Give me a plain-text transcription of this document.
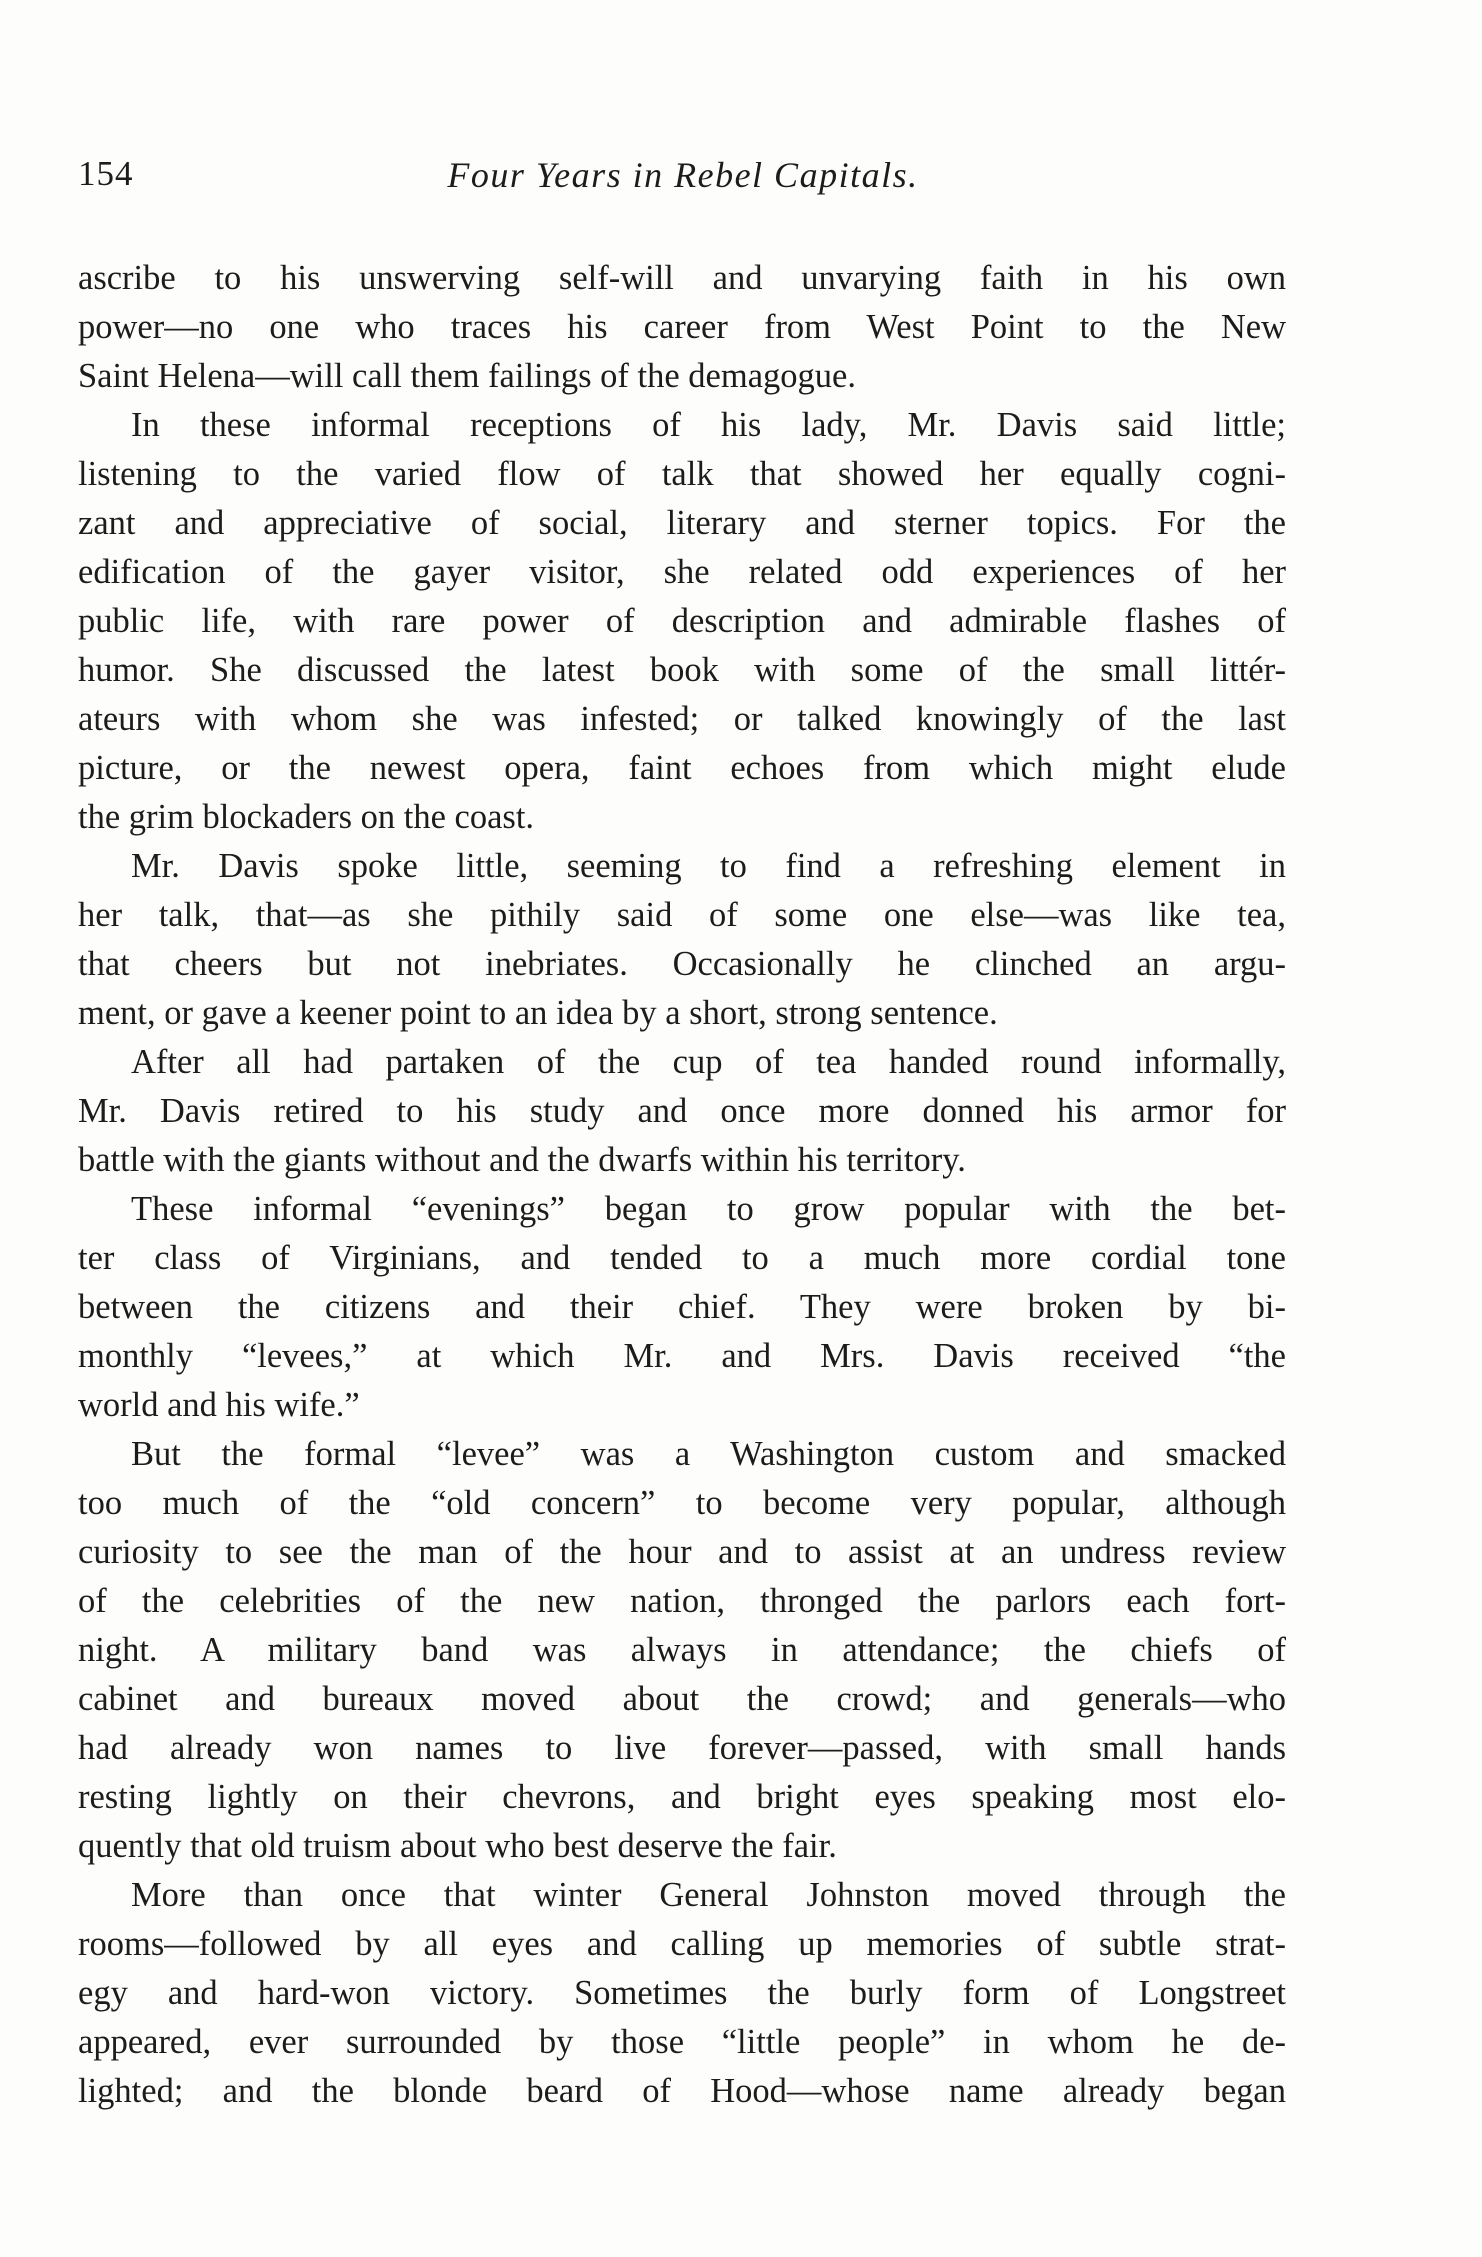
154	Four Years in Rebel Capitals.
ascribe to his unswerving self-will and unvarying faith in his own
power—no one who traces his career from West Point to the New
Saint Helena—will call them failings of the demagogue.
In these informal receptions of his lady, Mr. Davis said little;
listening to the varied flow of talk that showed her equally cogni-
zant and appreciative of social, literary and sterner topics. For the
edification of the gayer visitor, she related odd experiences of her
public life, with rare power of description and admirable flashes of
humor. She discussed the latest book with some of the small littér-
ateurs with whom she was infested; or talked knowingly of the last
picture, or the newest opera, faint echoes from which might elude
the grim blockaders on the coast.
Mr. Davis spoke little, seeming to find a refreshing element in
her talk, that—as she pithily said of some one else—was like tea,
that cheers but not inebriates. Occasionally he clinched an argu-
ment, or gave a keener point to an idea by a short, strong sentence.
After all had partaken of the cup of tea handed round informally,
Mr. Davis retired to his study and once more donned his armor for
battle with the giants without and the dwarfs within his territory.
These informal “evenings” began to grow popular with the bet-
ter class of Virginians, and tended to a much more cordial tone
between the citizens and their chief. They were broken by bi-
monthly “levees,” at which Mr. and Mrs. Davis received “the
world and his wife.”
But the formal “levee” was a Washington custom and smacked
too much of the “old concern” to become very popular, although
curiosity to see the man of the hour and to assist at an undress review
of the celebrities of the new nation, thronged the parlors each fort-
night. A military band was always in attendance; the chiefs of
cabinet and bureaux moved about the crowd; and generals—who
had already won names to live forever—passed, with small hands
resting lightly on their chevrons, and bright eyes speaking most elo-
quently that old truism about who best deserve the fair.
More than once that winter General Johnston moved through the
rooms—followed by all eyes and calling up memories of subtle strat-
egy and hard-won victory. Sometimes the burly form of Longstreet
appeared, ever surrounded by those “little people” in whom he de-
lighted; and the blonde beard of Hood—whose name already began
